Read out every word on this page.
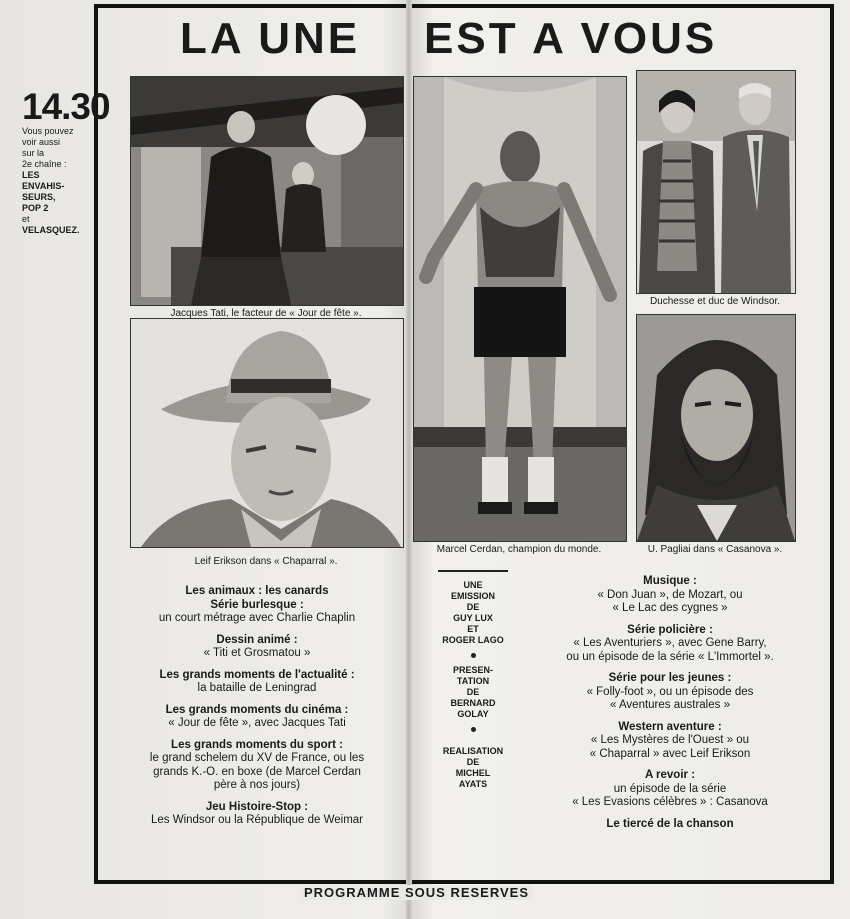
LA UNE EST A VOUS
14.30
Vous pouvez
voir aussi
sur la
2e chaîne :
LES
ENVAHIS-
SEURS,
POP 2
et
VELASQUEZ.
Jacques Tati, le facteur de « Jour de fête ».
Leif Erikson dans « Chaparral ».
Marcel Cerdan, champion du monde.
Duchesse et duc de Windsor.
U. Pagliai dans « Casanova ».
Les animaux : les canards
Série burlesque :
un court métrage avec Charlie Chaplin
Dessin animé :
« Titi et Grosmatou »
Les grands moments de l'actualité :
la bataille de Leningrad
Les grands moments du cinéma :
« Jour de fête », avec Jacques Tati
Les grands moments du sport :
le grand schelem du XV de France, ou les
grands K.-O. en boxe (de Marcel Cerdan
père à nos jours)
Jeu Histoire-Stop :
Les Windsor ou la République de Weimar
UNE
EMISSION
DE
GUY LUX
ET
ROGER LAGO
PRESEN-
TATION
DE
BERNARD
GOLAY
REALISATION
DE
MICHEL
AYATS
Musique :
« Don Juan », de Mozart, ou
« Le Lac des cygnes »
Série policière :
« Les Aventuriers », avec Gene Barry,
ou un épisode de la série « L'Immortel ».
Série pour les jeunes :
« Folly-foot », ou un épisode des
« Aventures australes »
Western aventure :
« Les Mystères de l'Ouest » ou
« Chaparral » avec Leif Erikson
A revoir :
un épisode de la série
« Les Evasions célèbres » : Casanova
Le tiercé de la chanson
PROGRAMME SOUS RESERVES
